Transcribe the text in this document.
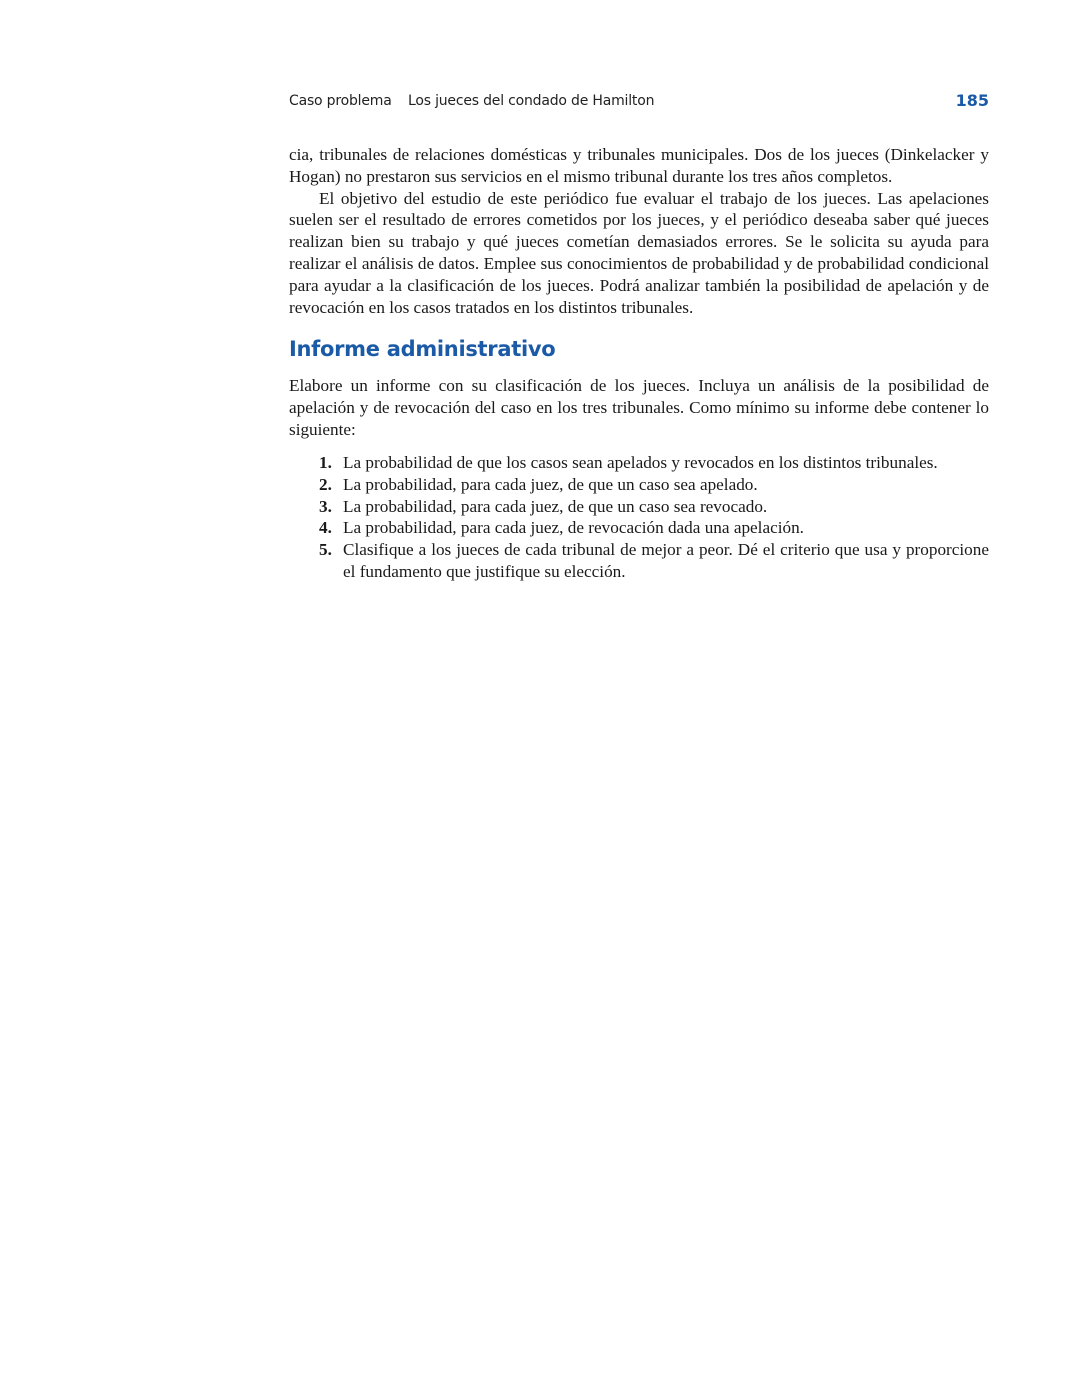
Caso problema Los jueces del condado de Hamilton	185

cia, tribunales de relaciones domésticas y tribunales municipales. Dos de los jueces (Dinkelacker y Hogan) no prestaron sus servicios en el mismo tribunal durante los tres años completos.

El objetivo del estudio de este periódico fue evaluar el trabajo de los jueces. Las apelaciones suelen ser el resultado de errores cometidos por los jueces, y el periódico deseaba saber qué jueces realizan bien su trabajo y qué jueces cometían demasiados errores. Se le solicita su ayuda para realizar el análisis de datos. Emplee sus conocimientos de probabilidad y de probabilidad condicional para ayudar a la clasificación de los jueces. Podrá analizar también la posibilidad de apelación y de revocación en los casos tratados en los distintos tribunales.

Informe administrativo

Elabore un informe con su clasificación de los jueces. Incluya un análisis de la posibilidad de apelación y de revocación del caso en los tres tribunales. Como mínimo su informe debe contener lo siguiente:

1. La probabilidad de que los casos sean apelados y revocados en los distintos tribunales.
2. La probabilidad, para cada juez, de que un caso sea apelado.
3. La probabilidad, para cada juez, de que un caso sea revocado.
4. La probabilidad, para cada juez, de revocación dada una apelación.
5. Clasifique a los jueces de cada tribunal de mejor a peor. Dé el criterio que usa y proporcione el fundamento que justifique su elección.
